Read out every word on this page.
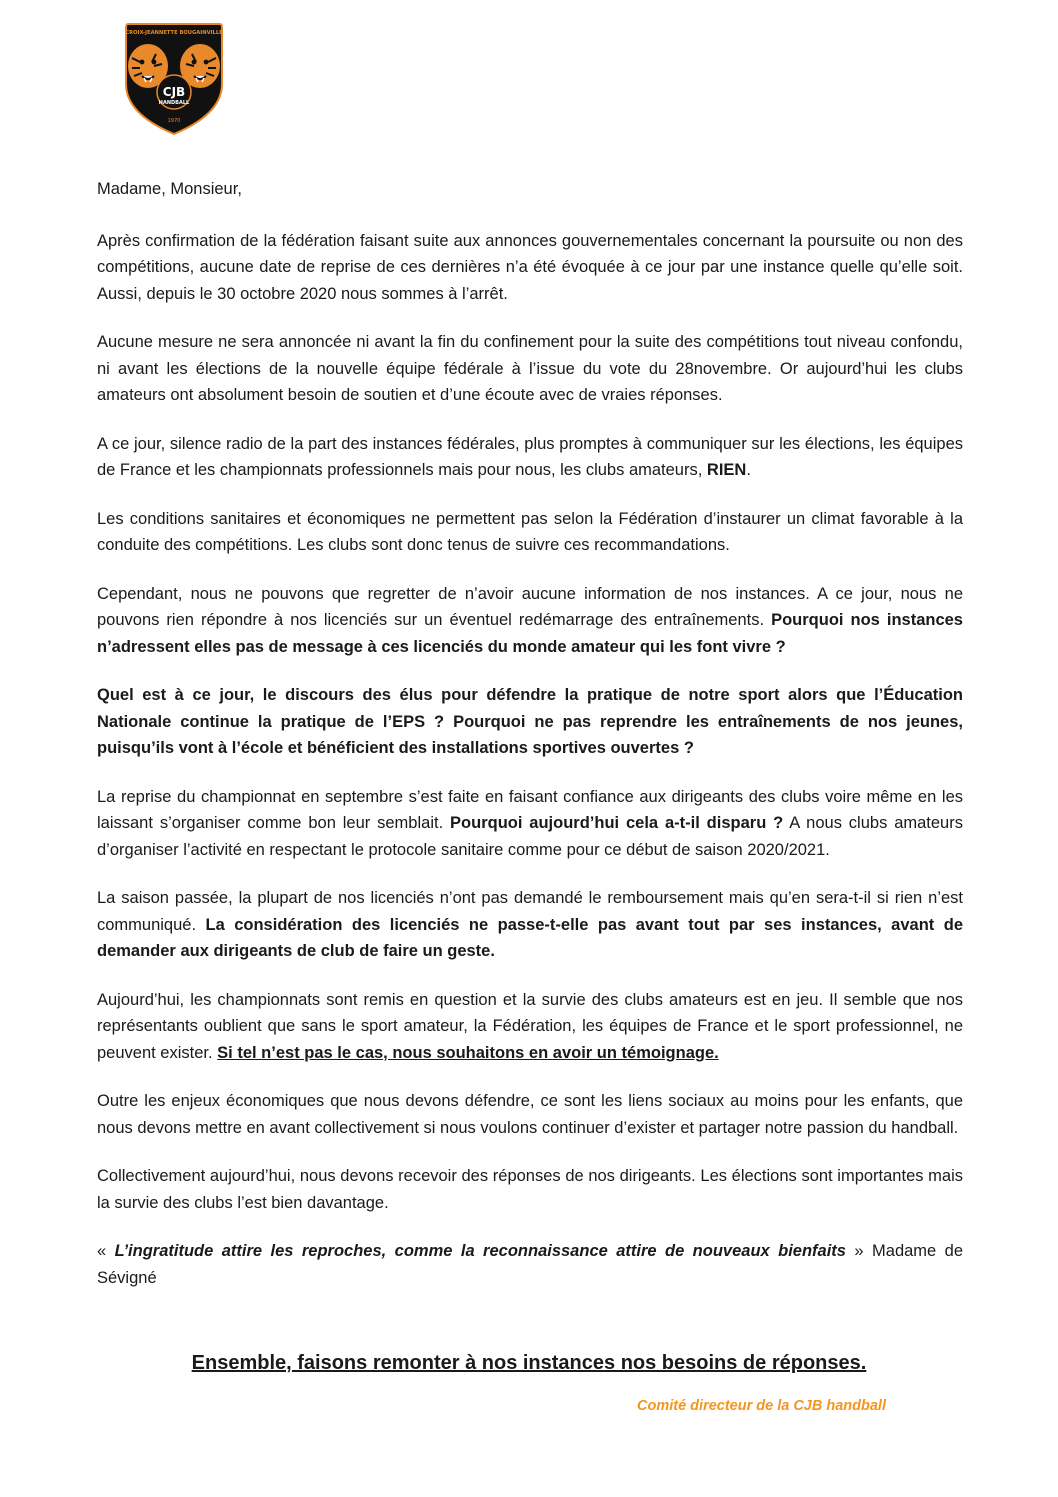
CROIX-JEANNETTE BOUGAINVILLE
CJB
HANDBALL
1970

Madame, Monsieur,

Après confirmation de la fédération faisant suite aux annonces gouvernementales concernant la poursuite ou non des compétitions, aucune date de reprise de ces dernières n’a été évoquée à ce jour par une instance quelle qu’elle soit. Aussi, depuis le 30 octobre 2020 nous sommes à l’arrêt.

Aucune mesure ne sera annoncée ni avant la fin du confinement pour la suite des compétitions tout niveau confondu, ni avant les élections de la nouvelle équipe fédérale à l’issue du vote du 28novembre. Or aujourd’hui les clubs amateurs ont absolument besoin de soutien et d’une écoute avec de vraies réponses.

A ce jour, silence radio de la part des instances fédérales, plus promptes à communiquer sur les élections, les équipes de France et les championnats professionnels mais pour nous, les clubs amateurs, RIEN.

Les conditions sanitaires et économiques ne permettent pas selon la Fédération d’instaurer un climat favorable à la conduite des compétitions. Les clubs sont donc tenus de suivre ces recommandations.

Cependant, nous ne pouvons que regretter de n’avoir aucune information de nos instances. A ce jour, nous ne pouvons rien répondre à nos licenciés sur un éventuel redémarrage des entraînements. Pourquoi nos instances n’adressent elles pas de message à ces licenciés du monde amateur qui les font vivre ?

Quel est à ce jour, le discours des élus pour défendre la pratique de notre sport alors que l’Éducation Nationale continue la pratique de l’EPS ? Pourquoi ne pas reprendre les entraînements de nos jeunes, puisqu’ils vont à l’école et bénéficient des installations sportives ouvertes ?

La reprise du championnat en septembre s’est faite en faisant confiance aux dirigeants des clubs voire même en les laissant s’organiser comme bon leur semblait. Pourquoi aujourd’hui cela a-t-il disparu ? A nous clubs amateurs d’organiser l’activité en respectant le protocole sanitaire comme pour ce début de saison 2020/2021.

La saison passée, la plupart de nos licenciés n’ont pas demandé le remboursement mais qu’en sera-t-il si rien n’est communiqué. La considération des licenciés ne passe-t-elle pas avant tout par ses instances, avant de demander aux dirigeants de club de faire un geste.

Aujourd’hui, les championnats sont remis en question et la survie des clubs amateurs est en jeu. Il semble que nos représentants oublient que sans le sport amateur, la Fédération, les équipes de France et le sport professionnel, ne peuvent exister. Si tel n’est pas le cas, nous souhaitons en avoir un témoignage.

Outre les enjeux économiques que nous devons défendre, ce sont les liens sociaux au moins pour les enfants, que nous devons mettre en avant collectivement si nous voulons continuer d’exister et partager notre passion du handball.

Collectivement aujourd’hui, nous devons recevoir des réponses de nos dirigeants. Les élections sont importantes mais la survie des clubs l’est bien davantage.

« L’ingratitude attire les reproches, comme la reconnaissance attire de nouveaux bienfaits » Madame de Sévigné

Ensemble, faisons remonter à nos instances nos besoins de réponses.
Comité directeur de la CJB handball
